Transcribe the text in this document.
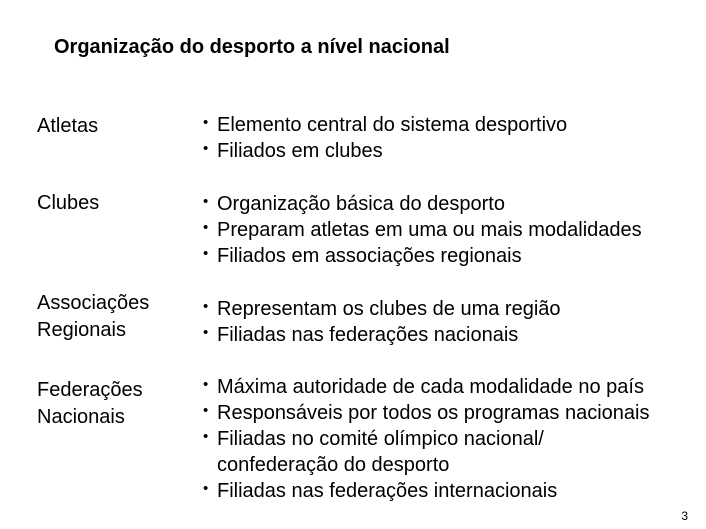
Organização do desporto a nível nacional
Atletas	• Elemento central do sistema desportivo
• Filiados em clubes
Clubes	• Organização básica do desporto
• Preparam atletas em uma ou mais modalidades
• Filiados em associações regionais
Associações
Regionais
• Representam os clubes de uma região
• Filiadas nas federações nacionais
Federações
Nacionais
• Máxima autoridade de cada modalidade no país
• Responsáveis por todos os programas nacionais
• Filiadas no comité olímpico nacional/
confederação do desporto
• Filiadas nas federações internacionais
3
